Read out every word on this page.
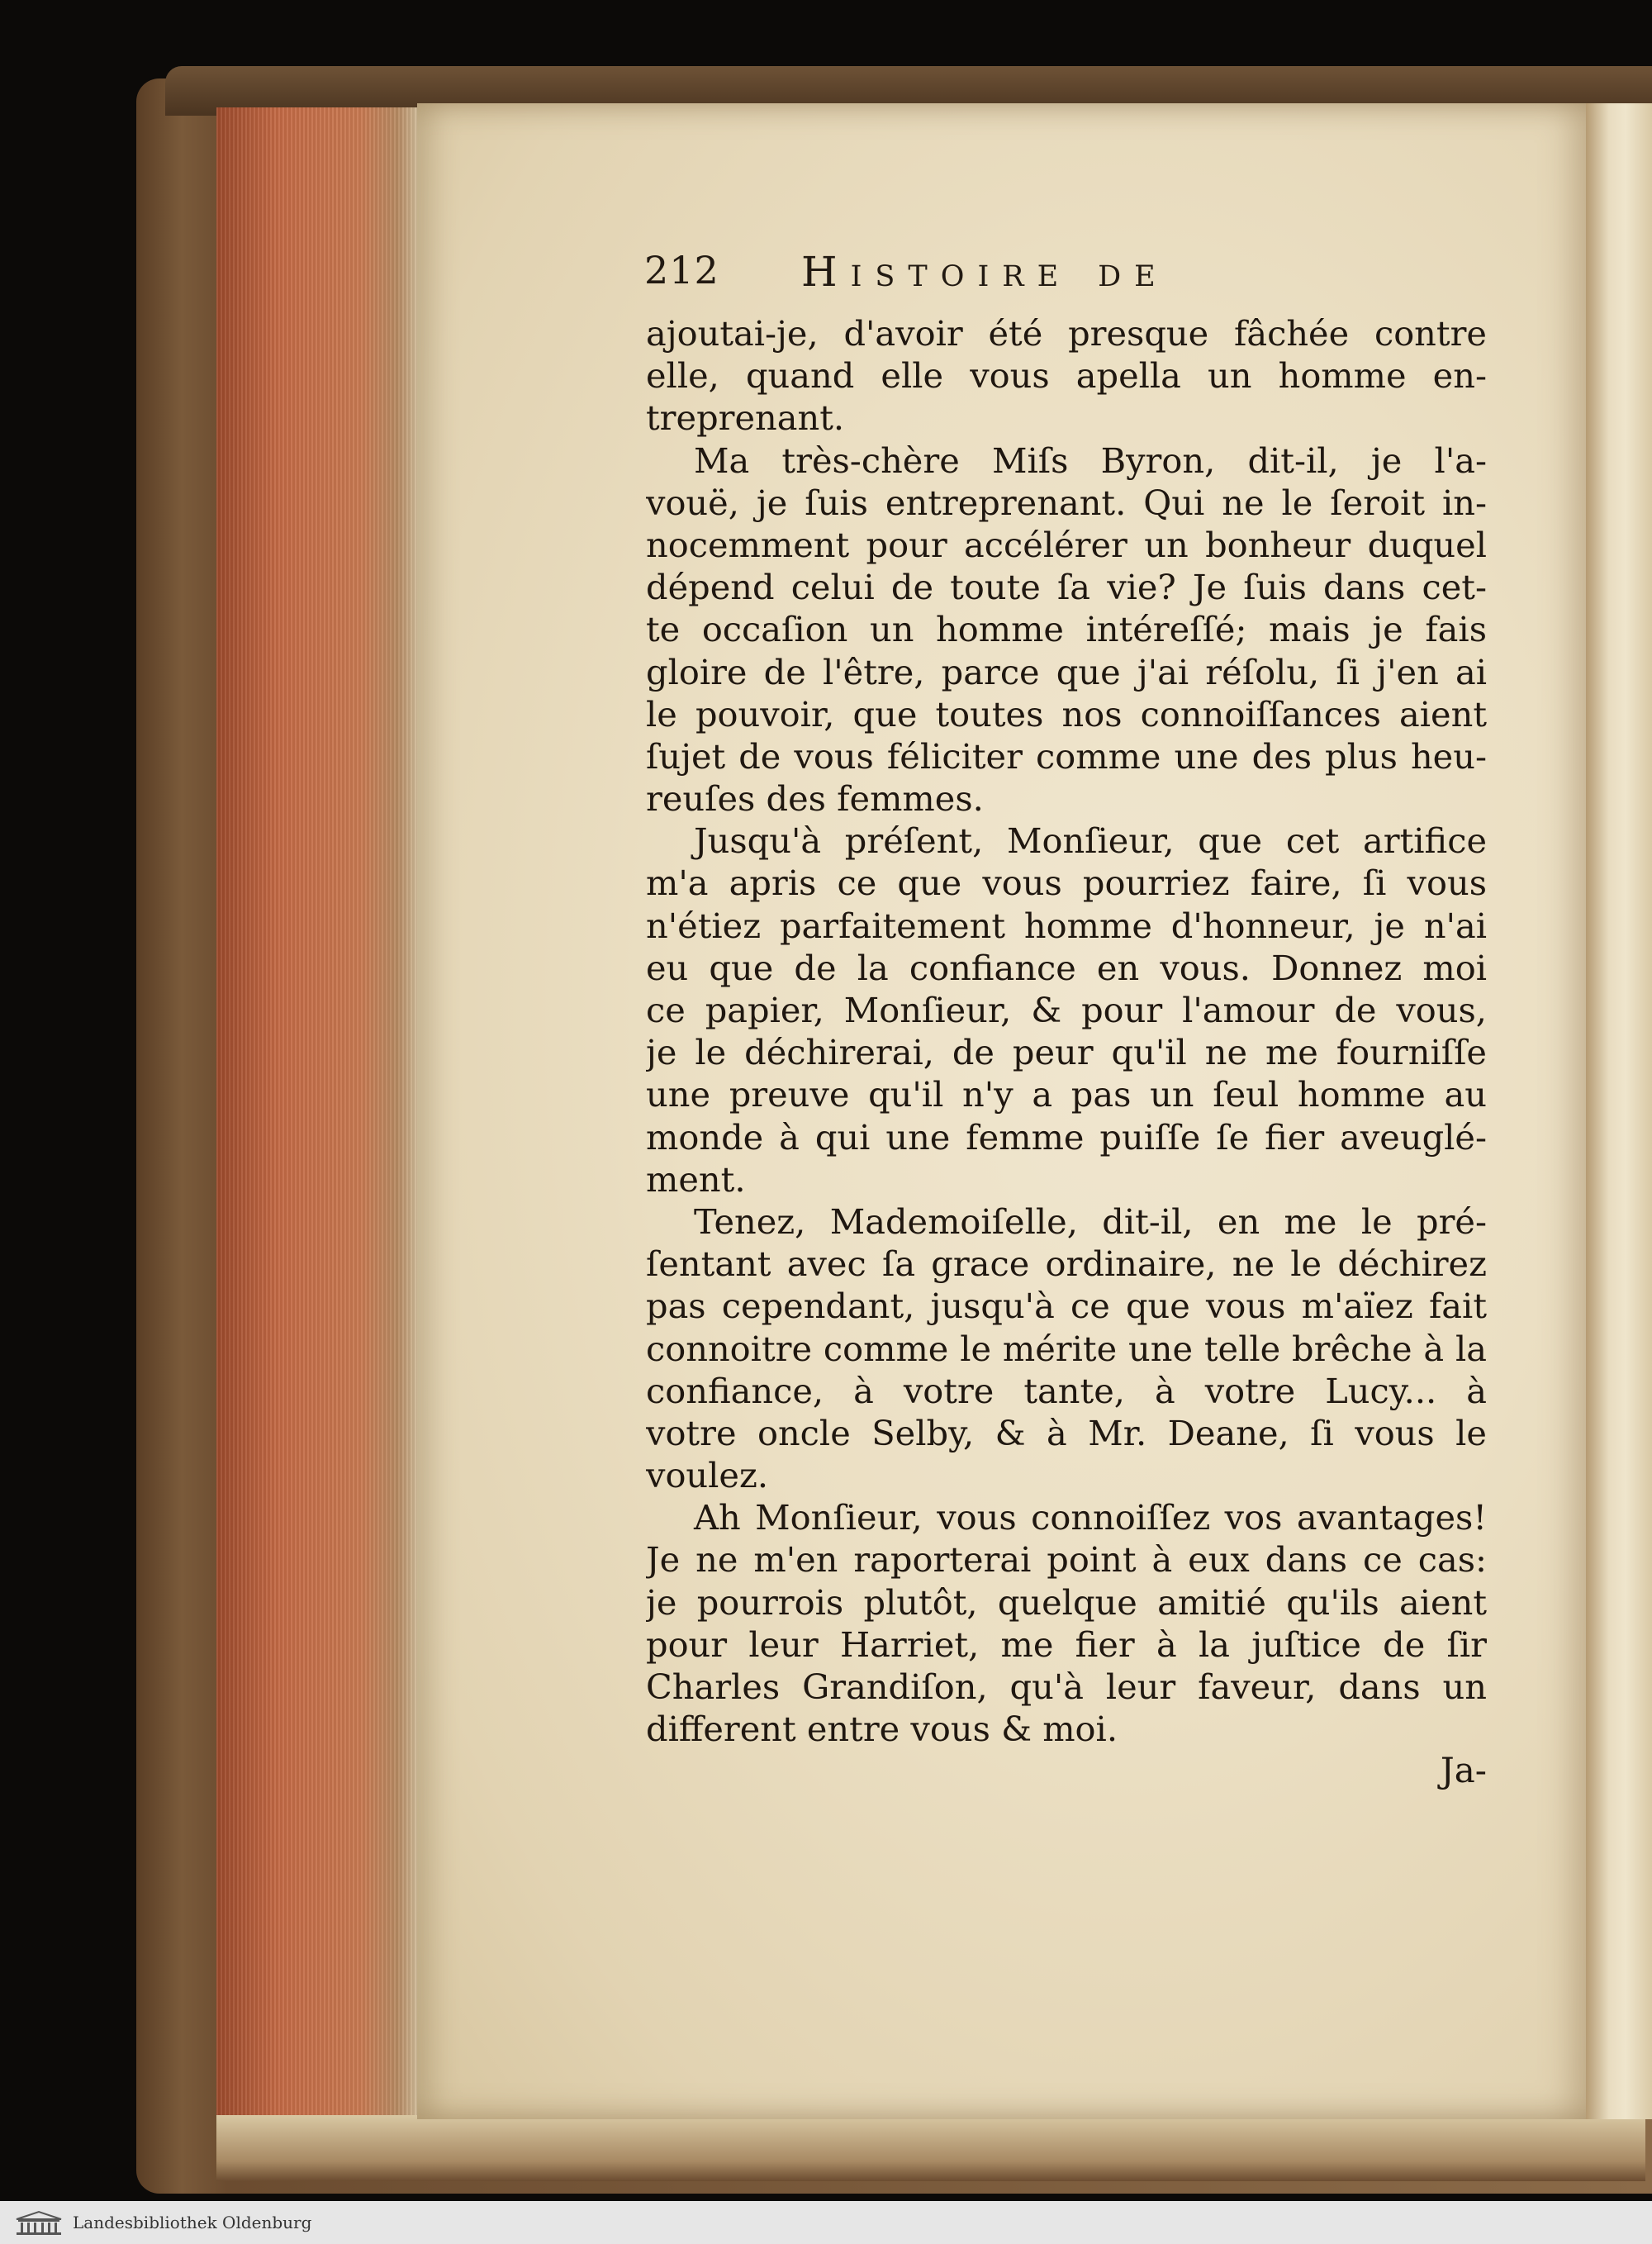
212 Histoire de
ajoutai-je, d'avoir été presque fâchée contre
elle, quand elle vous apella un homme en-
treprenant.
Ma très-chère Miſs Byron, dit-il, je l'a-
vouë, je ſuis entreprenant. Qui ne le ſeroit in-
nocemment pour accélérer un bonheur duquel
dépend celui de toute ſa vie? Je ſuis dans cet-
te occaſion un homme intéreſſé; mais je fais
gloire de l'être, parce que j'ai réſolu, ſi j'en ai
le pouvoir, que toutes nos connoiſſances aient
ſujet de vous féliciter comme une des plus heu-
reuſes des femmes.
Jusqu'à préſent, Monſieur, que cet artifice
m'a apris ce que vous pourriez faire, ſi vous
n'étiez parfaitement homme d'honneur, je n'ai
eu que de la confiance en vous. Donnez moi
ce papier, Monſieur, & pour l'amour de vous,
je le déchirerai, de peur qu'il ne me fourniſſe
une preuve qu'il n'y a pas un ſeul homme au
monde à qui une femme puiſſe ſe fier aveuglé-
ment.
Tenez, Mademoiſelle, dit-il, en me le pré-
ſentant avec ſa grace ordinaire, ne le déchirez
pas cependant, jusqu'à ce que vous m'aïez fait
connoitre comme le mérite une telle brêche à la
confiance, à votre tante, à votre Lucy... à
votre oncle Selby, & à Mr. Deane, ſi vous le
voulez.
Ah Monſieur, vous connoiſſez vos avantages!
Je ne m'en raporterai point à eux dans ce cas:
je pourrois plutôt, quelque amitié qu'ils aient
pour leur Harriet, me fier à la juſtice de ſir
Charles Grandiſon, qu'à leur faveur, dans un
different entre vous & moi.
Ja-
Landesbibliothek Oldenburg
